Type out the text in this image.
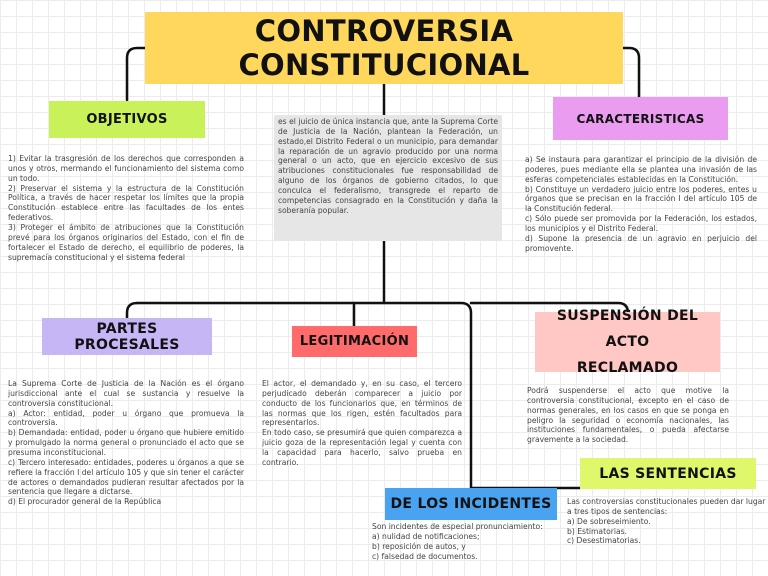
CONTROVERSIA CONSTITUCIONAL
es el juicio de única instancia que, ante la Suprema Corte de Justicia de la Nación, plantean la Federación, un estado,el Distrito Federal o un municipio, para demandar la reparación de un agravio producido por una norma general o un acto, que en ejercicio excesivo de sus atribuciones constitucionales fue responsabilidad de alguno de los órganos de gobierno citados, lo que conculca el federalismo, transgrede el reparto de competencias consagrado en la Constitución y daña la soberanía popular.
OBJETIVOS
1) Evitar la trasgresión de los derechos que corresponden a unos y otros, mermando el funcionamiento del sistema como un todo.
2) Preservar el sistema y la estructura de la Constitución Política, a través de hacer respetar los límites que la propia Constitución establece entre las facultades de los entes federativos.
3) Proteger el ámbito de atribuciones que la Constitución prevé para los órganos originarios del Estado, con el fin de fortalecer el Estado de derecho, el equilibrio de poderes, la supremacía constitucional y el sistema federal
CARACTERISTICAS
a) Se instaura para garantizar el principio de la división de poderes, pues mediante ella se plantea una invasión de las esferas competenciales establecidas en la Constitución.
b) Constituye un verdadero juicio entre los poderes, entes u órganos que se precisan en la fracción I del artículo 105 de la Constitución federal.
c) Sólo puede ser promovida por la Federación, los estados, los municipios y el Distrito Federal.
d) Supone la presencia de un agravio en perjuicio del promovente.
PARTES PROCESALES
La Suprema Corte de Justicia de la Nación es el órgano jurisdiccional ante el cual se sustancia y resuelve la controversia constitucional.
a) Actor: entidad, poder u órgano que promueva la controversia.
b) Demandada: entidad, poder u órgano que hubiere emitido y promulgado la norma general o pronunciado el acto que se presuma inconstitucional.
c) Tercero interesado: entidades, poderes u órganos a que se refiere la fracción I del artículo 105 y que sin tener el carácter de actores o demandados pudieran resultar afectados por la sentencia que llegare a dictarse.
d) El procurador general de la República
LEGITIMACIÓN
El actor, el demandado y, en su caso, el tercero perjudicado deberán comparecer a juicio por conducto de los funcionarios que, en términos de las normas que los rigen, estén facultados para representarlos.
En todo caso, se presumirá que quien comparezca a juicio goza de la representación legal y cuenta con la capacidad para hacerlo, salvo prueba en contrario.
SUSPENSIÓN DEL ACTO
RECLAMADO
Podrá suspenderse el acto que motive la controversia constitucional, excepto en el caso de normas generales, en los casos en que se ponga en peligro la seguridad o economía nacionales, las instituciones fundamentales, o pueda afectarse gravemente a la sociedad.
LAS SENTENCIAS
Las controversias constitucionales pueden dar lugar a tres tipos de sentencias:
a) De sobreseimiento.
b) Estimatorias.
c) Desestimatorias.
DE LOS INCIDENTES
Son incidentes de especial pronunciamiento:
a) nulidad de notificaciones;
b) reposición de autos, y
c) falsedad de documentos.
